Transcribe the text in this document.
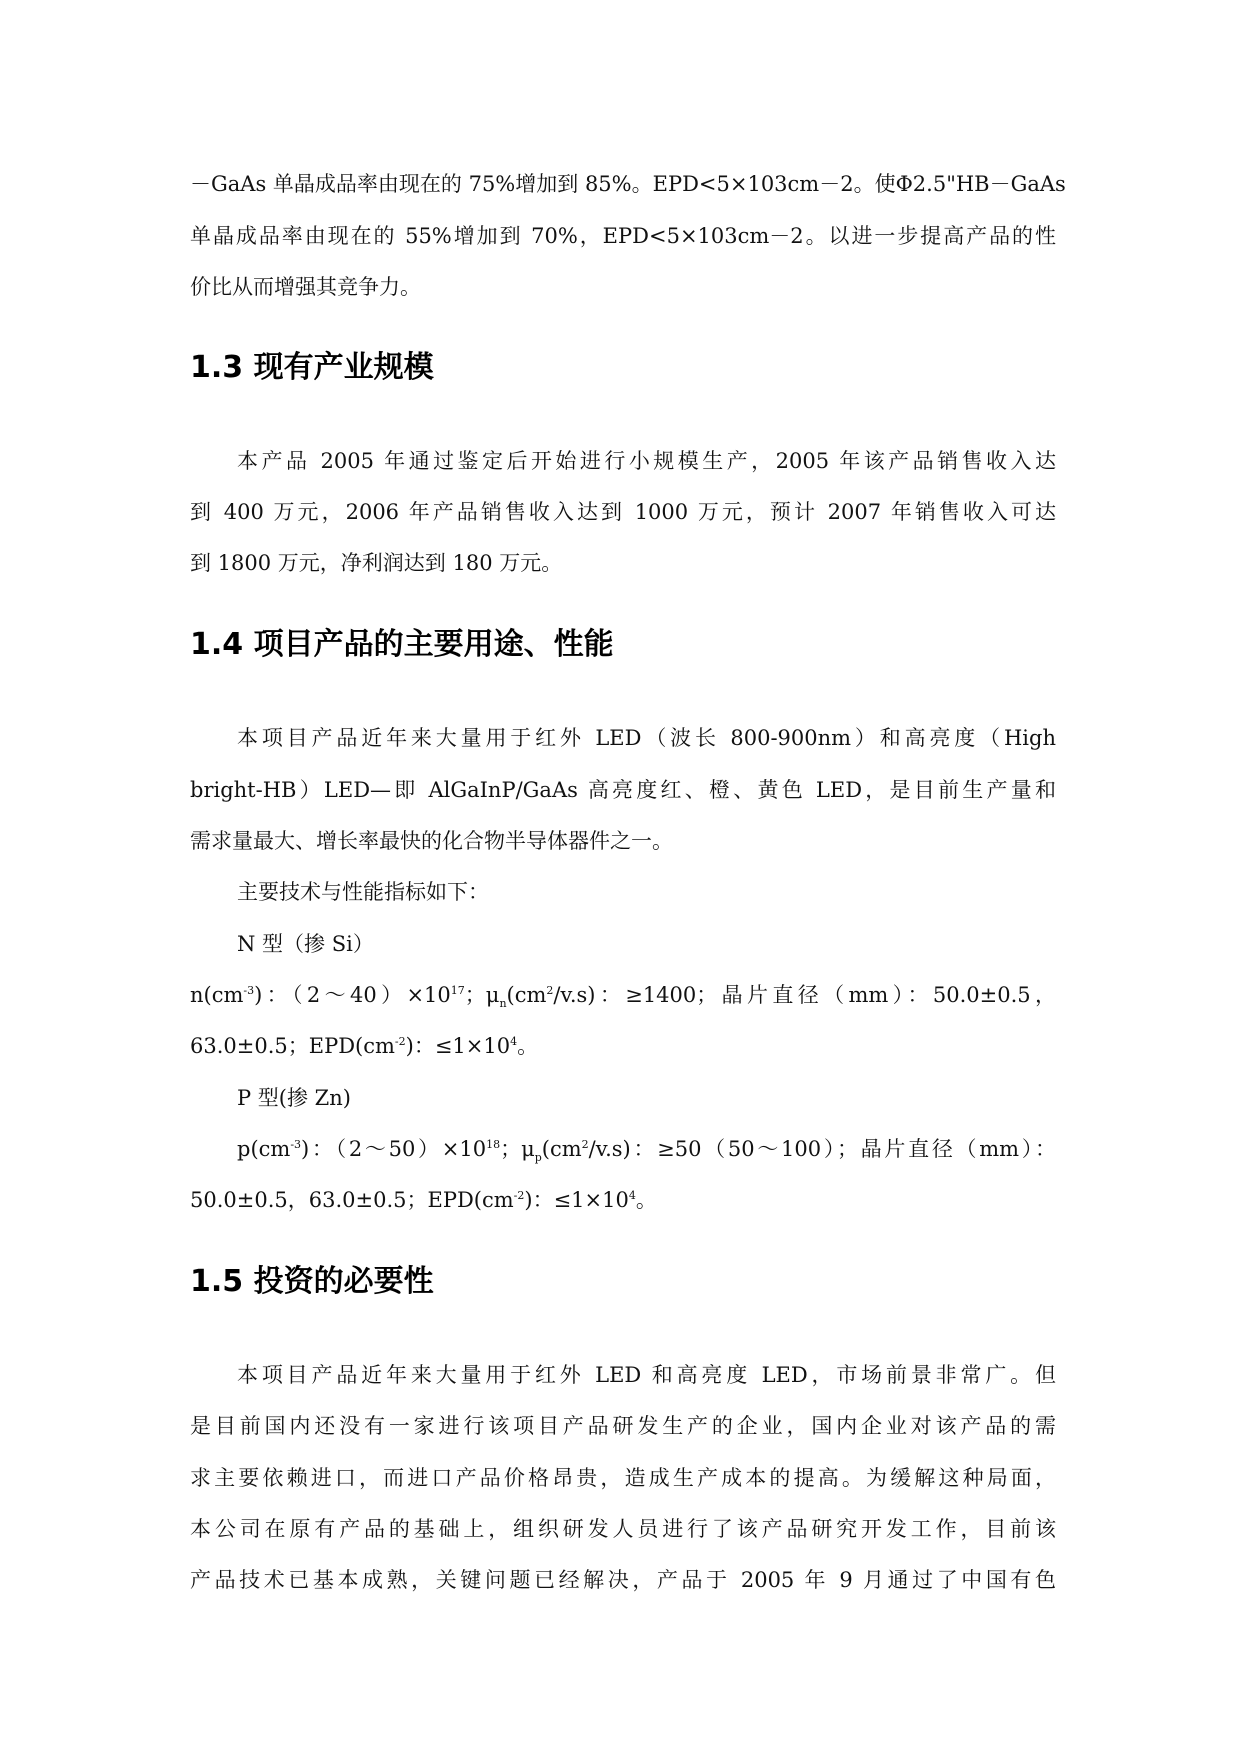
－GaAs 单晶成品率由现在的 75%增加到 85%。EPD<5×103cm－2。使Φ2.5"HB－GaAs
单晶成品率由现在的 55%增加到 70%，EPD<5×103cm－2。以进一步提高产品的性
价比从而增强其竞争力。
1.3 现有产业规模
本产品 2005 年通过鉴定后开始进行小规模生产，2005 年该产品销售收入达
到 400 万元，2006 年产品销售收入达到 1000 万元，预计 2007 年销售收入可达
到 1800 万元，净利润达到 180 万元。
1.4 项目产品的主要用途、性能
本项目产品近年来大量用于红外 LED（波长 800-900nm）和高亮度（High
bright-HB）LED—即 AlGaInP/GaAs 高亮度红、橙、黄色 LED，是目前生产量和
需求量最大、增长率最快的化合物半导体器件之一。
主要技术与性能指标如下：
N 型（掺 Si）
$n(cm^{-3})$：$(2\sim 40)\times 10^{17}$；$\mu_n(cm^2/v.s)$：≥1400；晶片直径（mm）：50.0±0.5，
63.0±0.5；$EPD(cm^{-2})$：$\le 1\times 10^4$。
P 型(掺 Zn)
$p(cm^{-3})$：$(2\sim 50)\times 10^{18}$；$\mu_p(cm^2/v.s)$：≥50（50～100）；晶片直径（mm）：
50.0±0.5，63.0±0.5；$EPD(cm^{-2})$：$\le 1\times 10^4$。
1.5 投资的必要性
本项目产品近年来大量用于红外 LED 和高亮度 LED，市场前景非常广。但
是目前国内还没有一家进行该项目产品研发生产的企业，国内企业对该产品的需
求主要依赖进口，而进口产品价格昂贵，造成生产成本的提高。为缓解这种局面，
本公司在原有产品的基础上，组织研发人员进行了该产品研究开发工作，目前该
产品技术已基本成熟，关键问题已经解决，产品于 2005 年 9 月通过了中国有色
